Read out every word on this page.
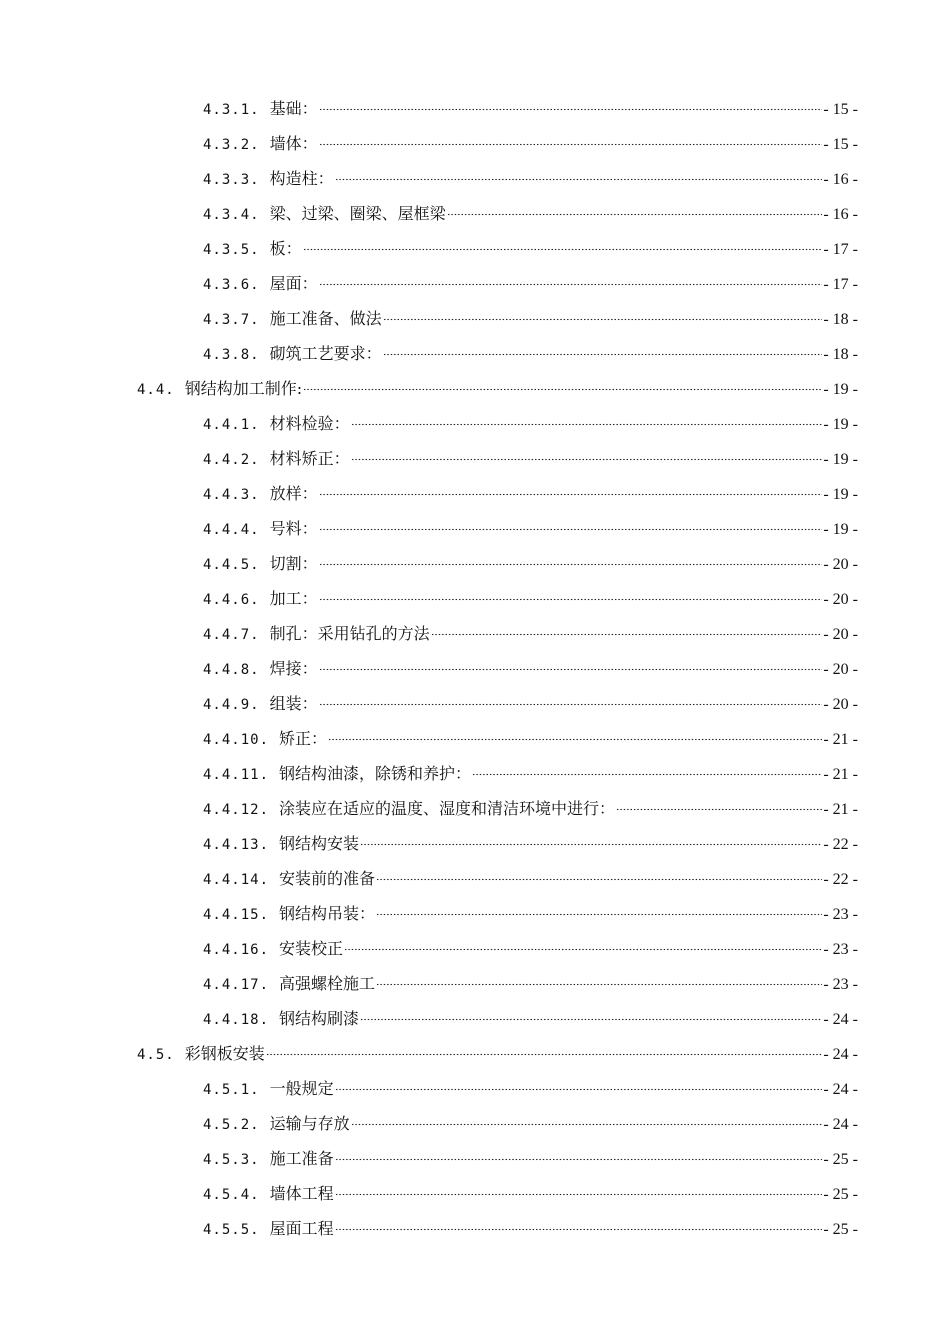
4.3.1. 基础：	- 15 -
4.3.2. 墙体：	- 15 -
4.3.3. 构造柱：	- 16 -
4.3.4. 梁、过梁、圈梁、屋框梁	- 16 -
4.3.5. 板：	- 17 -
4.3.6. 屋面：	- 17 -
4.3.7. 施工准备、做法	- 18 -
4.3.8. 砌筑工艺要求：	- 18 -
4.4. 钢结构加工制作:	- 19 -
4.4.1. 材料检验：	- 19 -
4.4.2. 材料矫正：	- 19 -
4.4.3. 放样：	- 19 -
4.4.4. 号料：	- 19 -
4.4.5. 切割：	- 20 -
4.4.6. 加工：	- 20 -
4.4.7. 制孔：采用钻孔的方法	- 20 -
4.4.8. 焊接：	- 20 -
4.4.9. 组装：	- 20 -
4.4.10. 矫正：	- 21 -
4.4.11. 钢结构油漆，除锈和养护：	- 21 -
4.4.12. 涂装应在适应的温度、湿度和清洁环境中进行：	- 21 -
4.4.13. 钢结构安装	- 22 -
4.4.14. 安装前的准备	- 22 -
4.4.15. 钢结构吊装：	- 23 -
4.4.16. 安装校正	- 23 -
4.4.17. 高强螺栓施工	- 23 -
4.4.18. 钢结构刷漆	- 24 -
4.5. 彩钢板安装	- 24 -
4.5.1. 一般规定	- 24 -
4.5.2. 运输与存放	- 24 -
4.5.3. 施工准备	- 25 -
4.5.4. 墙体工程	- 25 -
4.5.5. 屋面工程	- 25 -
